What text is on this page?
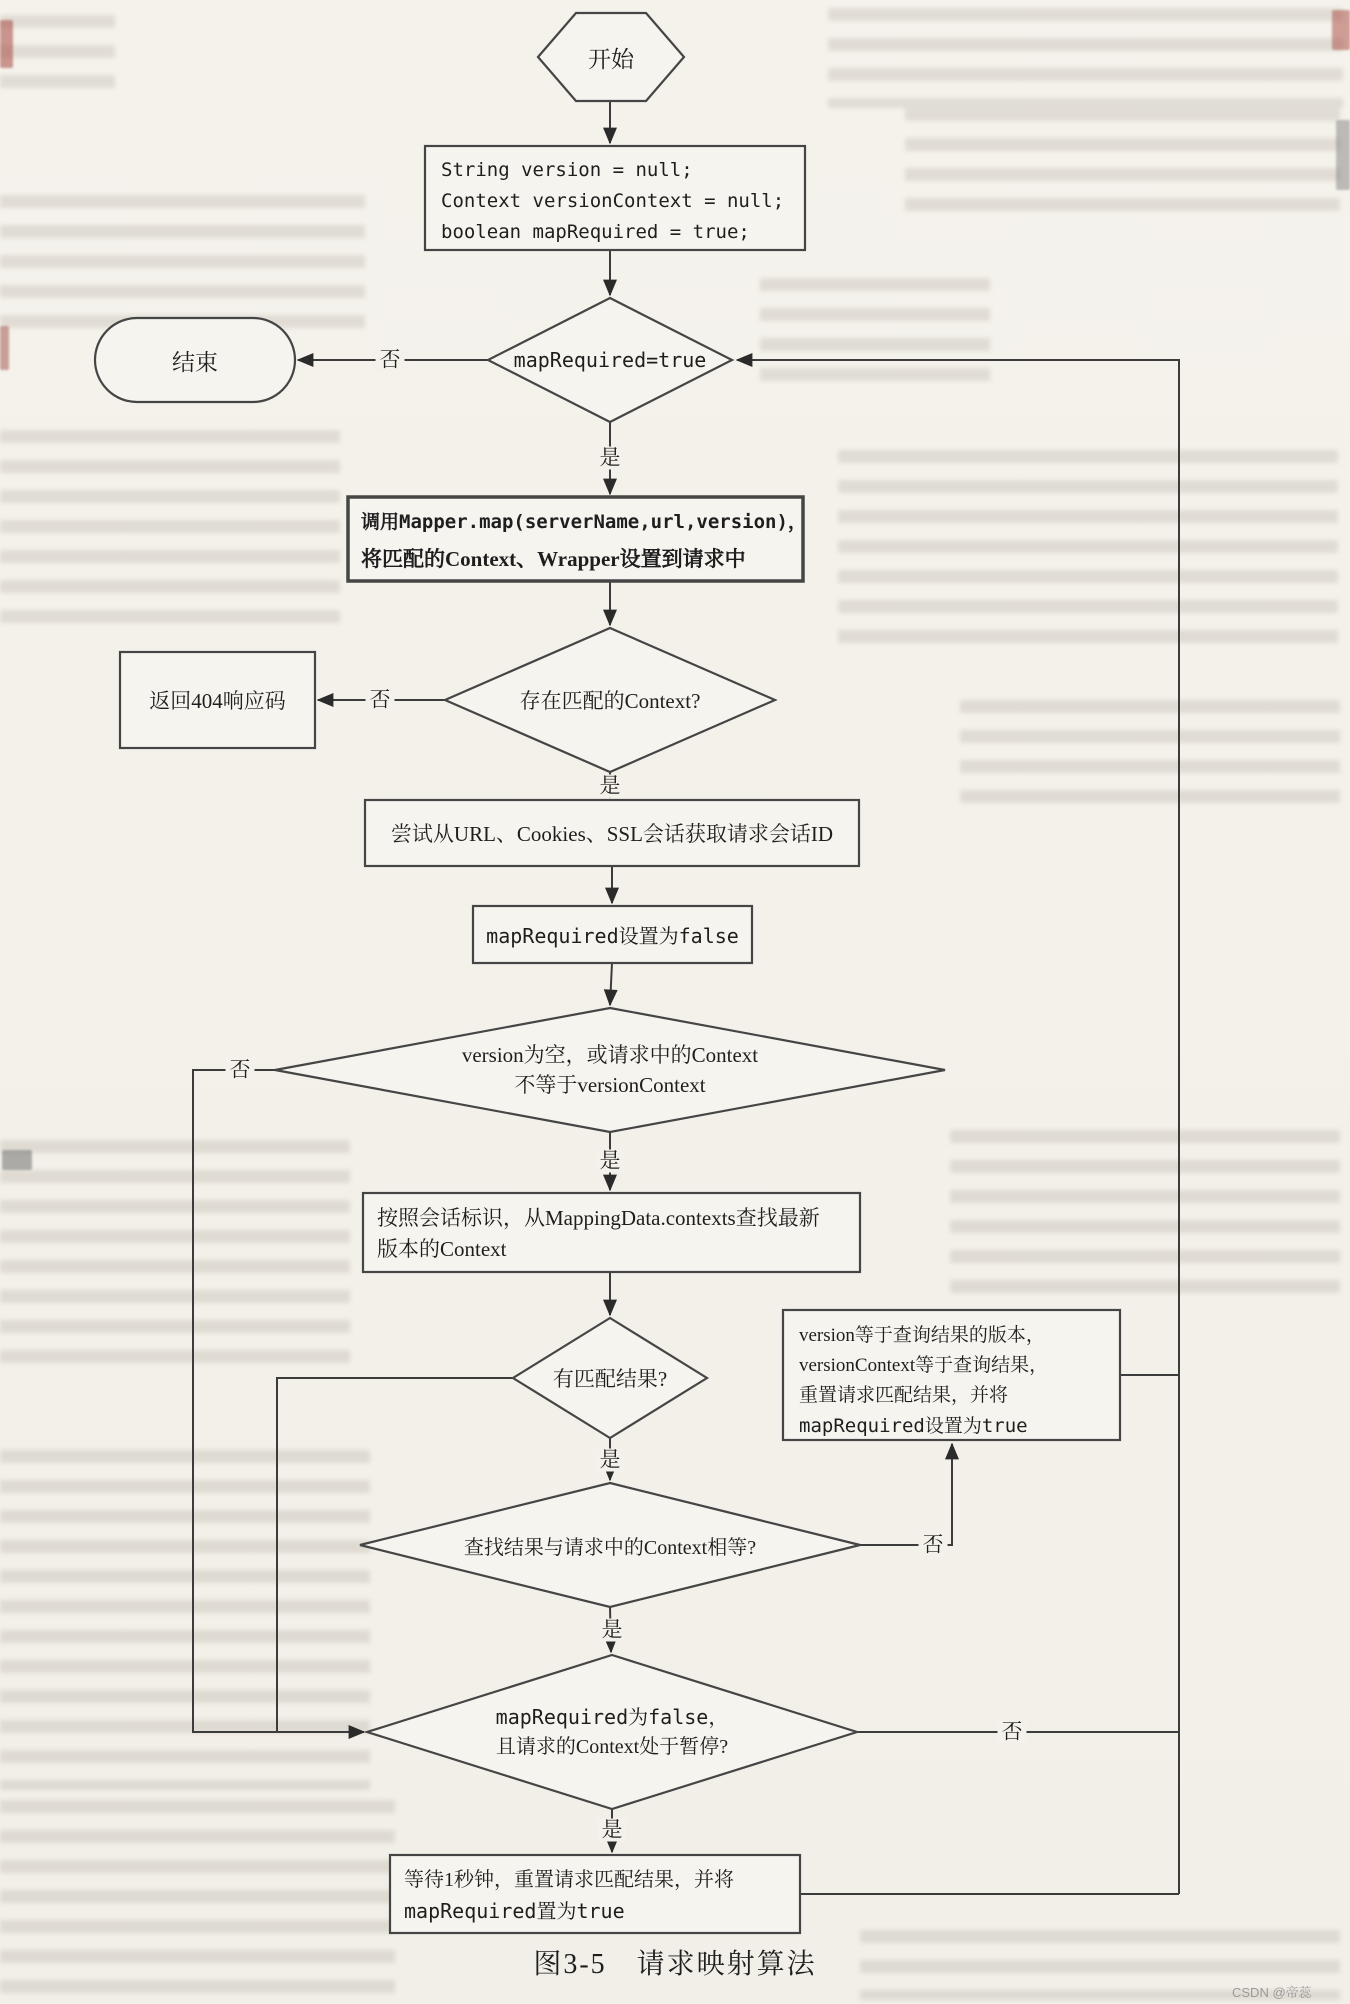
开始
String version = null;
Context versionContext = null;
boolean mapRequired = true;
mapRequired=true
结束
调用Mapper.map(serverName,url,version)，
将匹配的Context、Wrapper设置到请求中
存在匹配的Context?
返回404响应码
尝试从URL、Cookies、SSL会话获取请求会话ID
mapRequired设置为false
version为空，或请求中的Context
不等于versionContext
按照会话标识，从MappingData.contexts查找最新
版本的Context
有匹配结果?
version等于查询结果的版本，
versionContext等于查询结果，
重置请求匹配结果，并将
mapRequired设置为true
查找结果与请求中的Context相等?
mapRequired为false，
且请求的Context处于暂停?
等待1秒钟，重置请求匹配结果，并将
mapRequired置为true
否
是
否
是
否
是
是
否
是
否
是
图3-5　请求映射算法
CSDN @帝蕊
